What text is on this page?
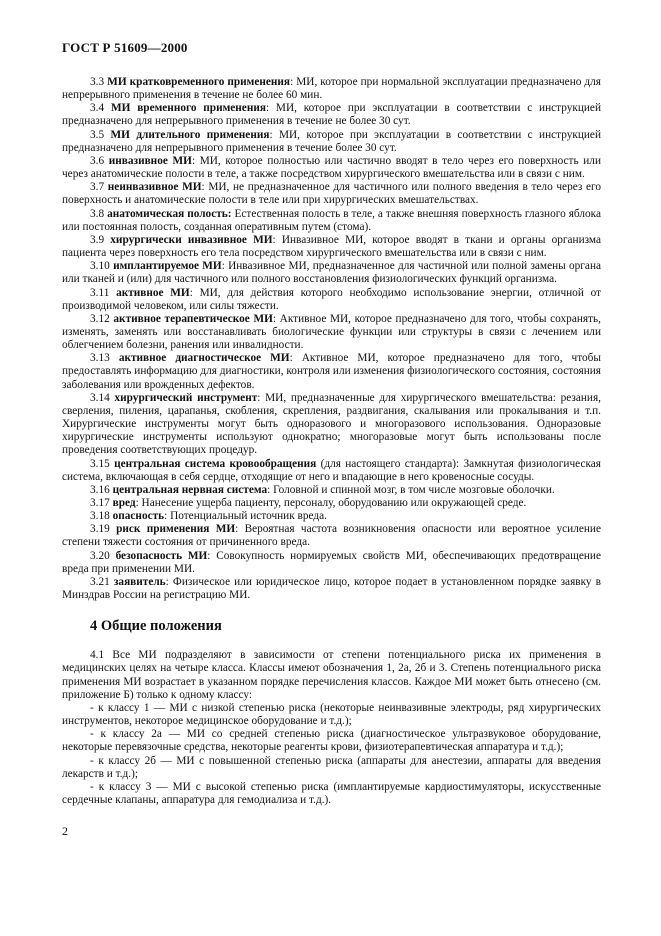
ГОСТ Р 51609—2000

3.3 МИ кратковременного применения: МИ, которое при нормальной эксплуатации предназначено для непрерывного применения в течение не более 60 мин.

3.4 МИ временного применения: МИ, которое при эксплуатации в соответствии с инструкцией предназначено для непрерывного применения в течение не более 30 сут.

3.5 МИ длительного применения: МИ, которое при эксплуатации в соответствии с инструкцией предназначено для непрерывного применения в течение более 30 сут.

3.6 инвазивное МИ: МИ, которое полностью или частично вводят в тело через его поверхность или через анатомические полости в теле, а также посредством хирургического вмешательства или в связи с ним.

3.7 неинвазивное МИ: МИ, не предназначенное для частичного или полного введения в тело через его поверхность и анатомические полости в теле или при хирургических вмешательствах.

3.8 анатомическая полость: Естественная полость в теле, а также внешняя поверхность глазного яблока или постоянная полость, созданная оперативным путем (стома).

3.9 хирургически инвазивное МИ: Инвазивное МИ, которое вводят в ткани и органы организма пациента через поверхность его тела посредством хирургического вмешательства или в связи с ним.

3.10 имплантируемое МИ: Инвазивное МИ, предназначенное для частичной или полной замены органа или тканей и (или) для частичного или полного восстановления физиологических функций организма.

3.11 активное МИ: МИ, для действия которого необходимо использование энергии, отличной от производимой человеком, или силы тяжести.

3.12 активное терапевтическое МИ: Активное МИ, которое предназначено для того, чтобы сохранять, изменять, заменять или восстанавливать биологические функции или структуры в связи с лечением или облегчением болезни, ранения или инвалидности.

3.13 активное диагностическое МИ: Активное МИ, которое предназначено для того, чтобы предоставлять информацию для диагностики, контроля или изменения физиологического состояния, состояния заболевания или врожденных дефектов.

3.14 хирургический инструмент: МИ, предназначенные для хирургического вмешательства: резания, сверления, пиления, царапанья, скобления, скрепления, раздвигания, скалывания или прокалывания и т.п. Хирургические инструменты могут быть одноразового и многоразового использования. Одноразовые хирургические инструменты используют однократно; многоразовые могут быть использованы после проведения соответствующих процедур.

3.15 центральная система кровообращения (для настоящего стандарта): Замкнутая физиологическая система, включающая в себя сердце, отходящие от него и впадающие в него кровеносные сосуды.

3.16 центральная нервная система: Головной и спинной мозг, в том числе мозговые оболочки.

3.17 вред: Нанесение ущерба пациенту, персоналу, оборудованию или окружающей среде.

3.18 опасность: Потенциальный источник вреда.

3.19 риск применения МИ: Вероятная частота возникновения опасности или вероятное усиление степени тяжести состояния от причиненного вреда.

3.20 безопасность МИ: Совокупность нормируемых свойств МИ, обеспечивающих предотвращение вреда при применении МИ.

3.21 заявитель: Физическое или юридическое лицо, которое подает в установленном порядке заявку в Минздрав России на регистрацию МИ.

4 Общие положения

4.1 Все МИ подразделяют в зависимости от степени потенциального риска их применения в медицинских целях на четыре класса. Классы имеют обозначения 1, 2а, 2б и 3. Степень потенциального риска применения МИ возрастает в указанном порядке перечисления классов. Каждое МИ может быть отнесено (см. приложение Б) только к одному классу:

- к классу 1 — МИ с низкой степенью риска (некоторые неинвазивные электроды, ряд хирургических инструментов, некоторое медицинское оборудование и т.д.);

- к классу 2а — МИ со средней степенью риска (диагностическое ультразвуковое оборудование, некоторые перевязочные средства, некоторые реагенты крови, физиотерапевтическая аппаратура и т.д.);

- к классу 2б — МИ с повышенной степенью риска (аппараты для анестезии, аппараты для введения лекарств и т.д.);

- к классу 3 — МИ с высокой степенью риска (имплантируемые кардиостимуляторы, искусственные сердечные клапаны, аппаратура для гемодиализа и т.д.).

2
